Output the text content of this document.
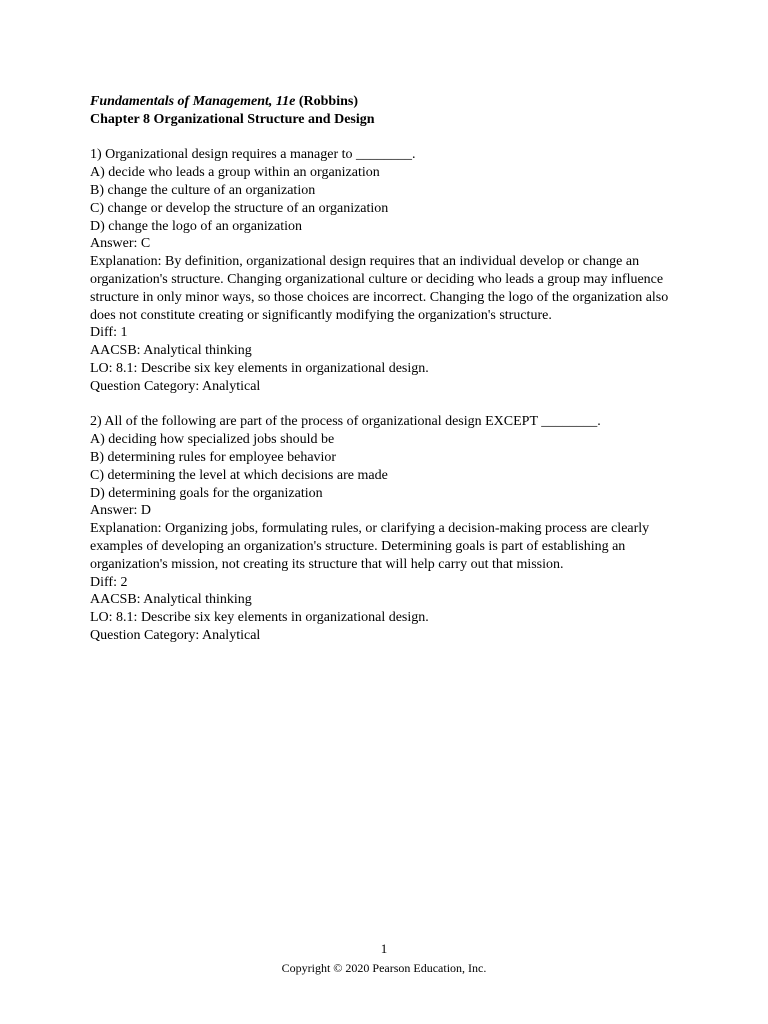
Fundamentals of Management, 11e (Robbins)
Chapter 8 Organizational Structure and Design
1) Organizational design requires a manager to ________.
A) decide who leads a group within an organization
B) change the culture of an organization
C) change or develop the structure of an organization
D) change the logo of an organization
Answer: C
Explanation: By definition, organizational design requires that an individual develop or change an organization's structure. Changing organizational culture or deciding who leads a group may influence structure in only minor ways, so those choices are incorrect. Changing the logo of the organization also does not constitute creating or significantly modifying the organization's structure.
Diff: 1
AACSB: Analytical thinking
LO: 8.1: Describe six key elements in organizational design.
Question Category: Analytical
2) All of the following are part of the process of organizational design EXCEPT ________.
A) deciding how specialized jobs should be
B) determining rules for employee behavior
C) determining the level at which decisions are made
D) determining goals for the organization
Answer: D
Explanation: Organizing jobs, formulating rules, or clarifying a decision-making process are clearly examples of developing an organization's structure. Determining goals is part of establishing an organization's mission, not creating its structure that will help carry out that mission.
Diff: 2
AACSB: Analytical thinking
LO: 8.1: Describe six key elements in organizational design.
Question Category: Analytical
1
Copyright © 2020 Pearson Education, Inc.
